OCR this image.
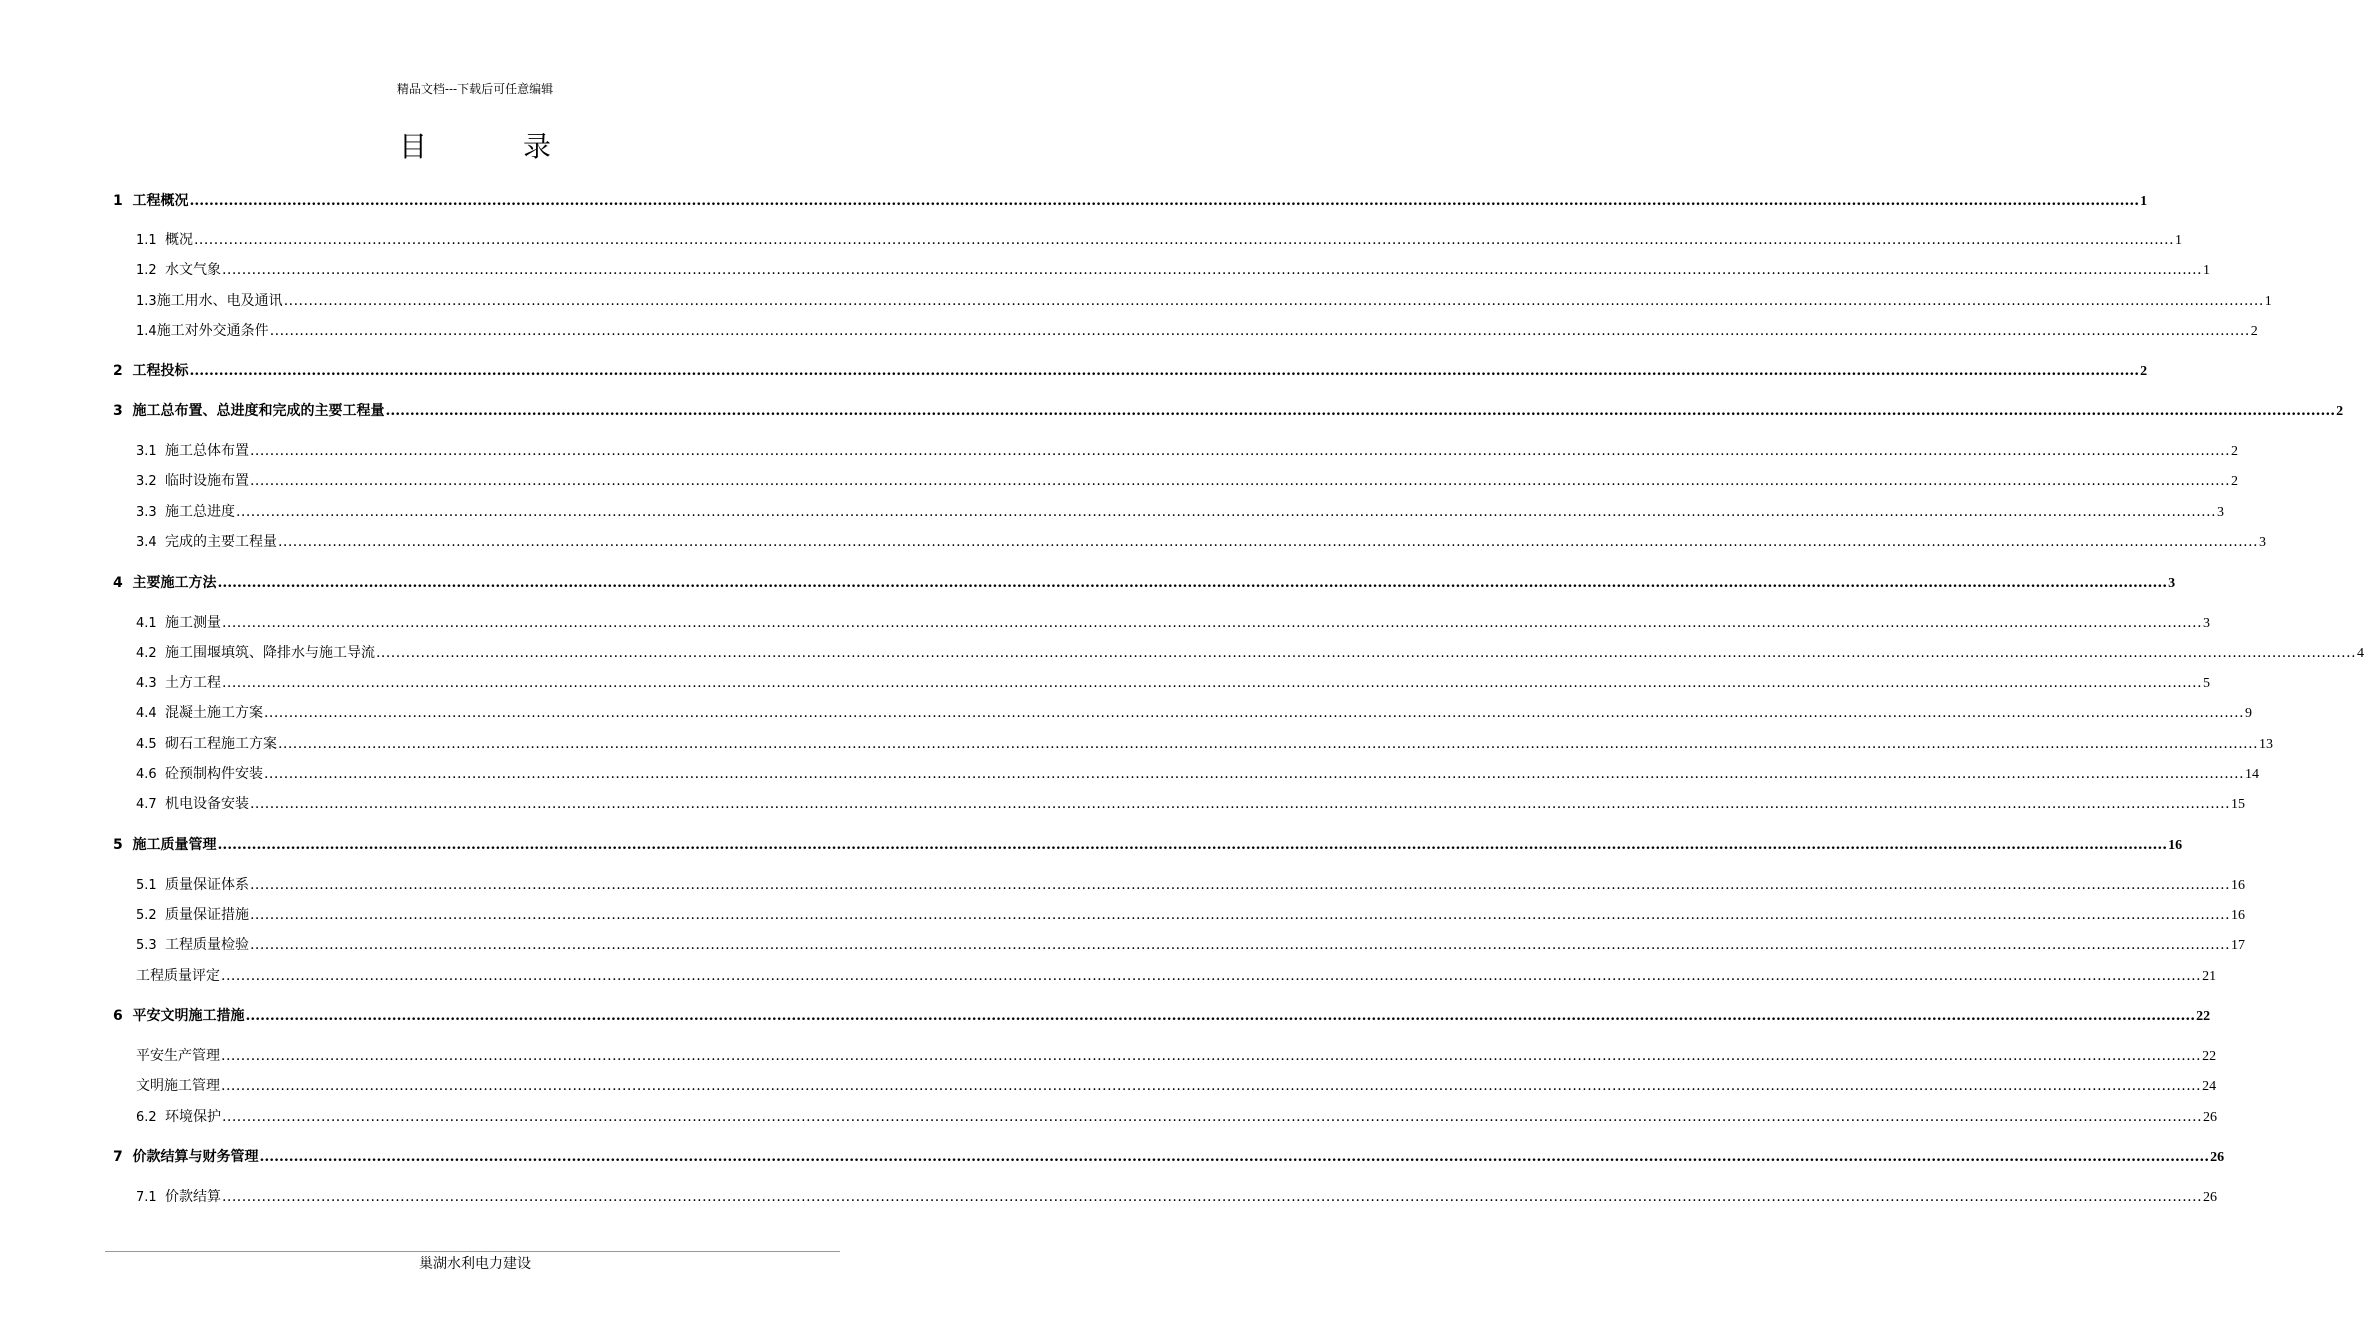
精品文档---下载后可任意编辑
目　录
1 工程概况 ................................................................................................................................................................................................................................................................................................................................................................................................................ 1
1.1 概况 ................................................................................................................................................................................................................................................................................................................................................................................................................ 1
1.2 水文气象 ................................................................................................................................................................................................................................................................................................................................................................................................................ 1
1.3 施工用水、电及通讯 ................................................................................................................................................................................................................................................................................................................................................................................................................ 1
1.4 施工对外交通条件 ................................................................................................................................................................................................................................................................................................................................................................................................................ 2
2 工程投标 ................................................................................................................................................................................................................................................................................................................................................................................................................ 2
3 施工总布置、总进度和完成的主要工程量 ................................................................................................................................................................................................................................................................................................................................................................................................................ 2
3.1 施工总体布置 ................................................................................................................................................................................................................................................................................................................................................................................................................ 2
3.2 临时设施布置 ................................................................................................................................................................................................................................................................................................................................................................................................................ 2
3.3 施工总进度 ................................................................................................................................................................................................................................................................................................................................................................................................................ 3
3.4 完成的主要工程量 ................................................................................................................................................................................................................................................................................................................................................................................................................ 3
4 主要施工方法 ................................................................................................................................................................................................................................................................................................................................................................................................................ 3
4.1 施工测量 ................................................................................................................................................................................................................................................................................................................................................................................................................ 3
4.2 施工围堰填筑、降排水与施工导流 ................................................................................................................................................................................................................................................................................................................................................................................................................ 4
4.3 土方工程 ................................................................................................................................................................................................................................................................................................................................................................................................................ 5
4.4 混凝土施工方案 ................................................................................................................................................................................................................................................................................................................................................................................................................ 9
4.5 砌石工程施工方案 ................................................................................................................................................................................................................................................................................................................................................................................................................ 13
4.6 砼预制构件安装 ................................................................................................................................................................................................................................................................................................................................................................................................................ 14
4.7 机电设备安装 ................................................................................................................................................................................................................................................................................................................................................................................................................ 15
5 施工质量管理 ................................................................................................................................................................................................................................................................................................................................................................................................................ 16
5.1 质量保证体系 ................................................................................................................................................................................................................................................................................................................................................................................................................ 16
5.2 质量保证措施 ................................................................................................................................................................................................................................................................................................................................................................................................................ 16
5.3 工程质量检验 ................................................................................................................................................................................................................................................................................................................................................................................................................ 17
工程质量评定 ................................................................................................................................................................................................................................................................................................................................................................................................................ 21
6 平安文明施工措施 ................................................................................................................................................................................................................................................................................................................................................................................................................ 22
平安生产管理 ................................................................................................................................................................................................................................................................................................................................................................................................................ 22
文明施工管理 ................................................................................................................................................................................................................................................................................................................................................................................................................ 24
6.2 环境保护 ................................................................................................................................................................................................................................................................................................................................................................................................................ 26
7 价款结算与财务管理 ................................................................................................................................................................................................................................................................................................................................................................................................................ 26
7.1 价款结算 ................................................................................................................................................................................................................................................................................................................................................................................................................ 26
巢湖水利电力建设
